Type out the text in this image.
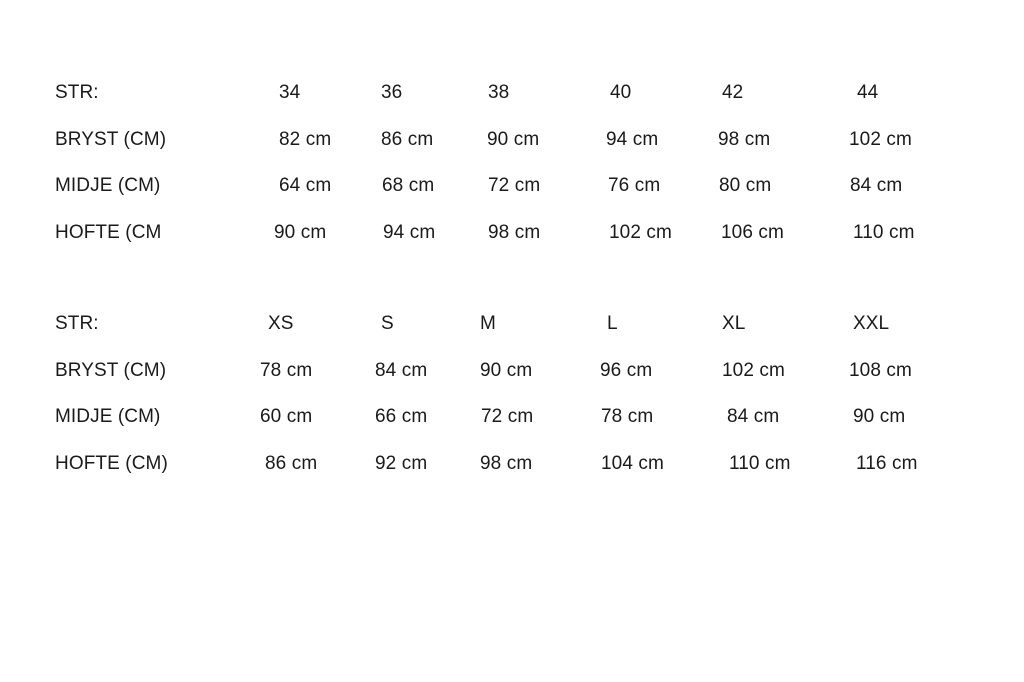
STR:	34	36	38	40	42	44
BRYST (CM)	82 cm	86 cm	90 cm	94 cm	98 cm	102 cm
MIDJE (CM)	64 cm	68 cm	72 cm	76 cm	80 cm	84 cm
HOFTE (CM	90 cm	94 cm	98 cm	102 cm	106 cm	110 cm
STR:	XS	S	M	L	XL	XXL
BRYST (CM)	78 cm	84 cm	90 cm	96 cm	102 cm	108 cm
MIDJE (CM)	60 cm	66 cm	72 cm	78 cm	84 cm	90 cm
HOFTE (CM)	86 cm	92 cm	98 cm	104 cm	110 cm	116 cm
